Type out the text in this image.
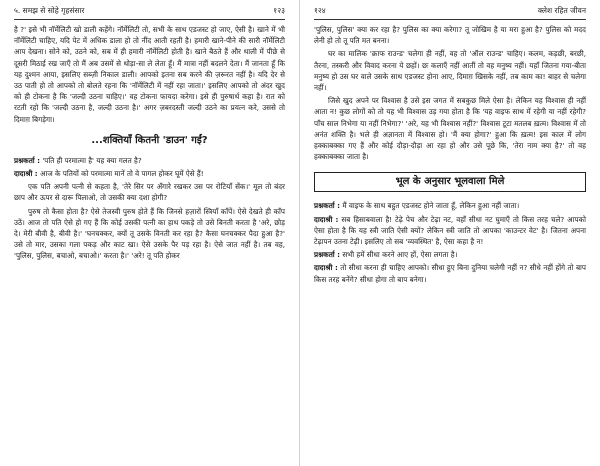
५. समझ से सोहे गृहसंसार	१२३

है ?' इसे भी नॉर्मेलिटी खो डाली कहेंगे। नॉर्मेलिटी तो, सभी के साथ एडजस्ट हो जाए, ऐसी है। खाने में भी नॉर्मेलिटी चाहिए, यदि पेट में अधिक डाला हो तो नींद आती रहती है। हमारी खाने-पीने की सारी नॉर्मेलिटी आप देखना। सोने को, उठने को, सब में ही हमारी नॉर्मेलिटी होती है। खाने बैठते हैं और थाली में पीछे से दूसरी मिठाई रख जाएँ तो मैं अब उसमें से थोड़ा-सा ले लेता हूँ। मैं मात्रा नहीं बदलने देता। मैं जानता हूँ कि यह दुश्मन आया, इसलिए सब्ज़ी निकाल डाली। आपको इतना सब करने की ज़रूरत नहीं है। यदि देर से उठ पाती हो तो आपको तो बोलते रहना कि 'नॉर्मेलिटी में नहीं रहा जाता।' इसलिए आपको तो अंदर खुद को ही टोकना है कि 'जल्दी उठना चाहिए।' वह टोकना फायदा करेगा। इसे ही पुरुषार्थ कहा है। रात को रटती रहो कि 'जल्दी उठना है, जल्दी उठना है।' अगर ज़बरदस्ती जल्दी उठने का प्रयत्न करे, उससे तो दिमाग़ बिगड़ेगा।

...शक्तियाँ कितनी 'डाउन' गईं?

प्रश्नकर्ता : 'पति ही परमात्मा है' यह क्या गलत है?

दादाश्री : आज के पतियों को परमात्मा मानें तो वे पागल होकर घूमें ऐसे हैं!

एक पति अपनी पत्नी से कहता है, 'तेरे सिर पर अँगारे रखकर उस पर रोटियाँ सेंक।' मूल तो बंदर छाप और ऊपर से दारू पिलाओ, तो उसकी क्या दशा होगी?

पुरुष तो कैसा होता है? ऐसे तेजस्वी पुरुष होते हैं कि जिनसे हज़ारों स्त्रियाँ काँपें। ऐसे देखते ही काँप उठें। आज तो पति ऐसे हो गए हैं कि कोई उसकी पत्नी का हाथ पकड़े तो उसे बिनती करता है 'अरे, छोड़ दे। मेरी बीवी है, बीवी है।' 'घनचक्कर, क्यों तू उसके विनती कर रहा है? कैसा घनचक्कर पैदा हुआ है?' उसे तो मार, उसका गला पकड़ और काट खा। ऐसे उसके पैर पड़ रहा है। ऐसे जात नहीं है। तब वह, 'पुलिस, पुलिस, बचाओ, बचाओ।' करता है।' 'अरे! तू पति होकर

१२४	क्लेश रहित जीवन

'पुलिस, पुलिस' क्या कर रहा है? पुलिस का क्या करेगा? तू जोखिम है या मरा हुआ है? पुलिस को मदद लेनी हो तो तू पति मत बनना।

घर का मालिक 'क्राफ राउन्ड' चलेगा ही नहीं, वह तो 'ऑल राउन्ड' चाहिए। कलम, कड़छी, बरछी, तैरना, तस्करी और विवाद करना ये छहों। छः कलाएँ नहीं आतीं तो वह मनुष्य नहीं। यहाँ जितना गया-बीता मनुष्य हो उस घर वाले उसके साथ एडजस्ट होना आए, दिमाग़ खिसके नहीं, तब काम का! बाहर से चलेगा नहीं।

जिसे खुद अपने पर विश्वास है उसे इस जगत में सबकुछ मिले ऐसा है। लेकिन यह विश्वास ही नहीं आता न! कुछ लोगों को तो यह भी विश्वास उड़ गया होता है कि 'यह वाइफ साथ में रहेगी या नहीं रहेगी? पाँच साल निभेगा या नहीं निभेगा?' 'अरे, यह भी विश्वास नहीं?' विश्वास टूटा मतलब ख़त्म। विश्वास में तो अनंत शक्ति है। भले ही अज्ञानता में विश्वास हो। 'मैं क्या होगा?' हुआ कि ख़त्म! इस काल में लोग हक्काबक्का गए हैं और कोई दौड़ा-दौड़ा आ रहा हो और उसे पूछे कि, 'तेरा नाम क्या है?' तो वह हक्काबक्का जाता है।

भूल के अनुसार भूलवाला मिले

प्रश्नकर्ता : मैं वाइफ के साथ बहुत एडजस्ट होने जाता हूँ, लेकिन हुआ नहीं जाता।

दादाश्री : सब हिसाबवाला है! टेढ़े पेच और टेढ़ा नट, वहाँ सीधा नट घुमाएँ तो किस तरह चले? आपको ऐसा होता है कि यह स्त्री जाति ऐसी क्यों? लेकिन स्त्री जाति तो आपका 'काउन्टर वेट' है। जितना अपना टेढ़ापन उतना टेढ़ी। इसलिए तो सब 'व्यवस्थित' है, ऐसा कहा है न!

प्रश्नकर्ता : सभी हमें सीधा करने आए हों, ऐसा लगता है।

दादाश्री : तो सीधा करना ही चाहिए आपको। सीधा हुए बिना दुनिया चलेगी नहीं न? सीधे नहीं होंगे तो बाप किस तरह बनेंगे? सीधा होगा तो बाप बनेगा।
